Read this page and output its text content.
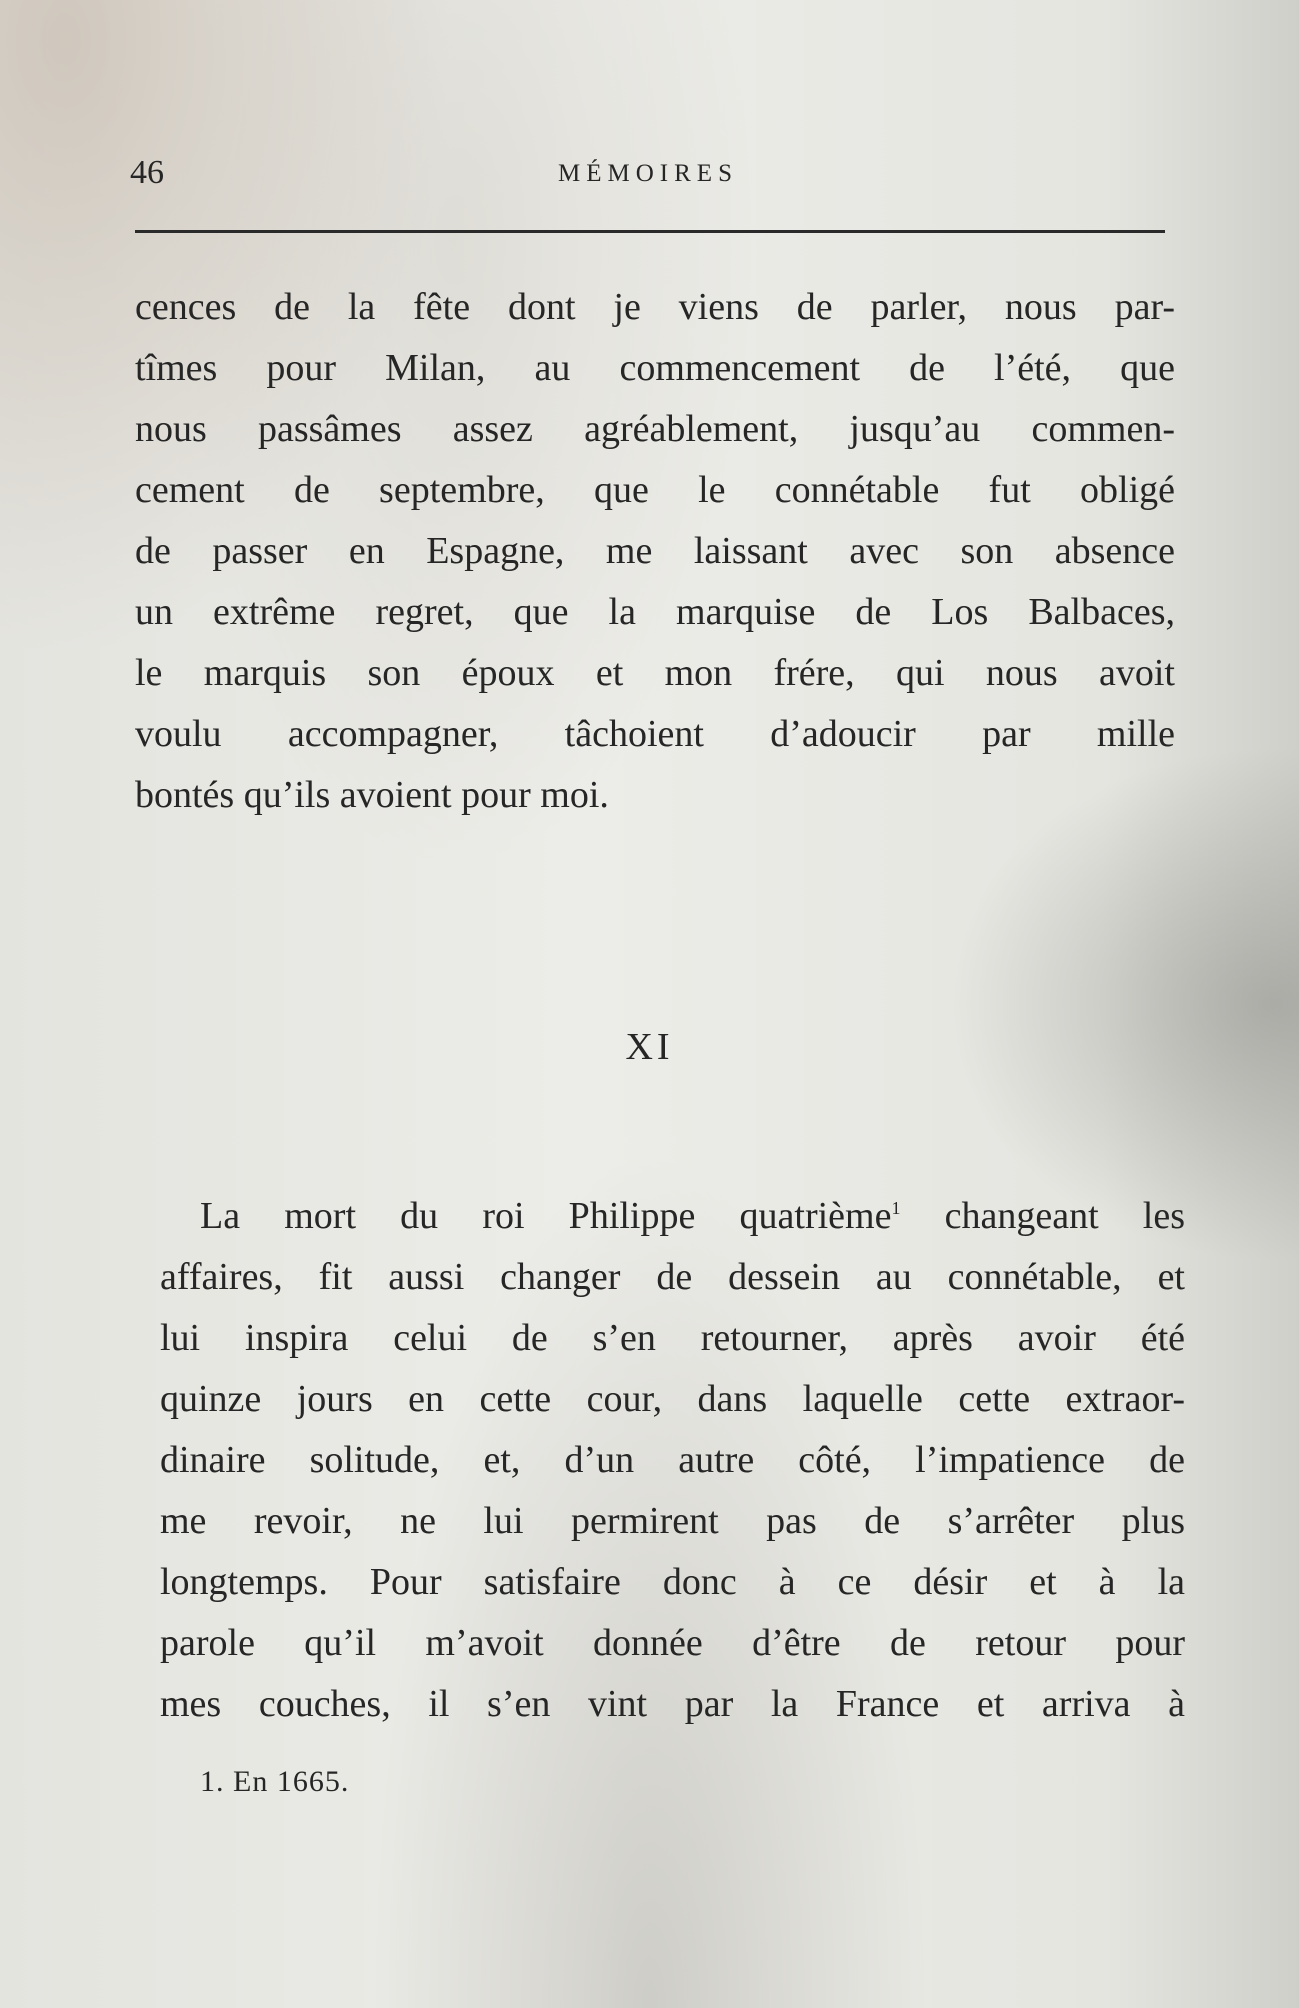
46	MÉMOIRES

cences de la fête dont je viens de parler, nous par-
tîmes pour Milan, au commencement de l’été, que
nous passâmes assez agréablement, jusqu’au commen-
cement de septembre, que le connétable fut obligé
de passer en Espagne, me laissant avec son absence
un extrême regret, que la marquise de Los Balbaces,
le marquis son époux et mon frére, qui nous avoit
voulu accompagner, tâchoient d’adoucir par mille
bontés qu’ils avoient pour moi.

XI

La mort du roi Philippe quatrième$^1$ changeant les
affaires, fit aussi changer de dessein au connétable, et
lui inspira celui de s’en retourner, après avoir été
quinze jours en cette cour, dans laquelle cette extraor-
dinaire solitude, et, d’un autre côté, l’impatience de
me revoir, ne lui permirent pas de s’arrêter plus
longtemps. Pour satisfaire donc à ce désir et à la
parole qu’il m’avoit donnée d’être de retour pour
mes couches, il s’en vint par la France et arriva à

1. En 1665.
